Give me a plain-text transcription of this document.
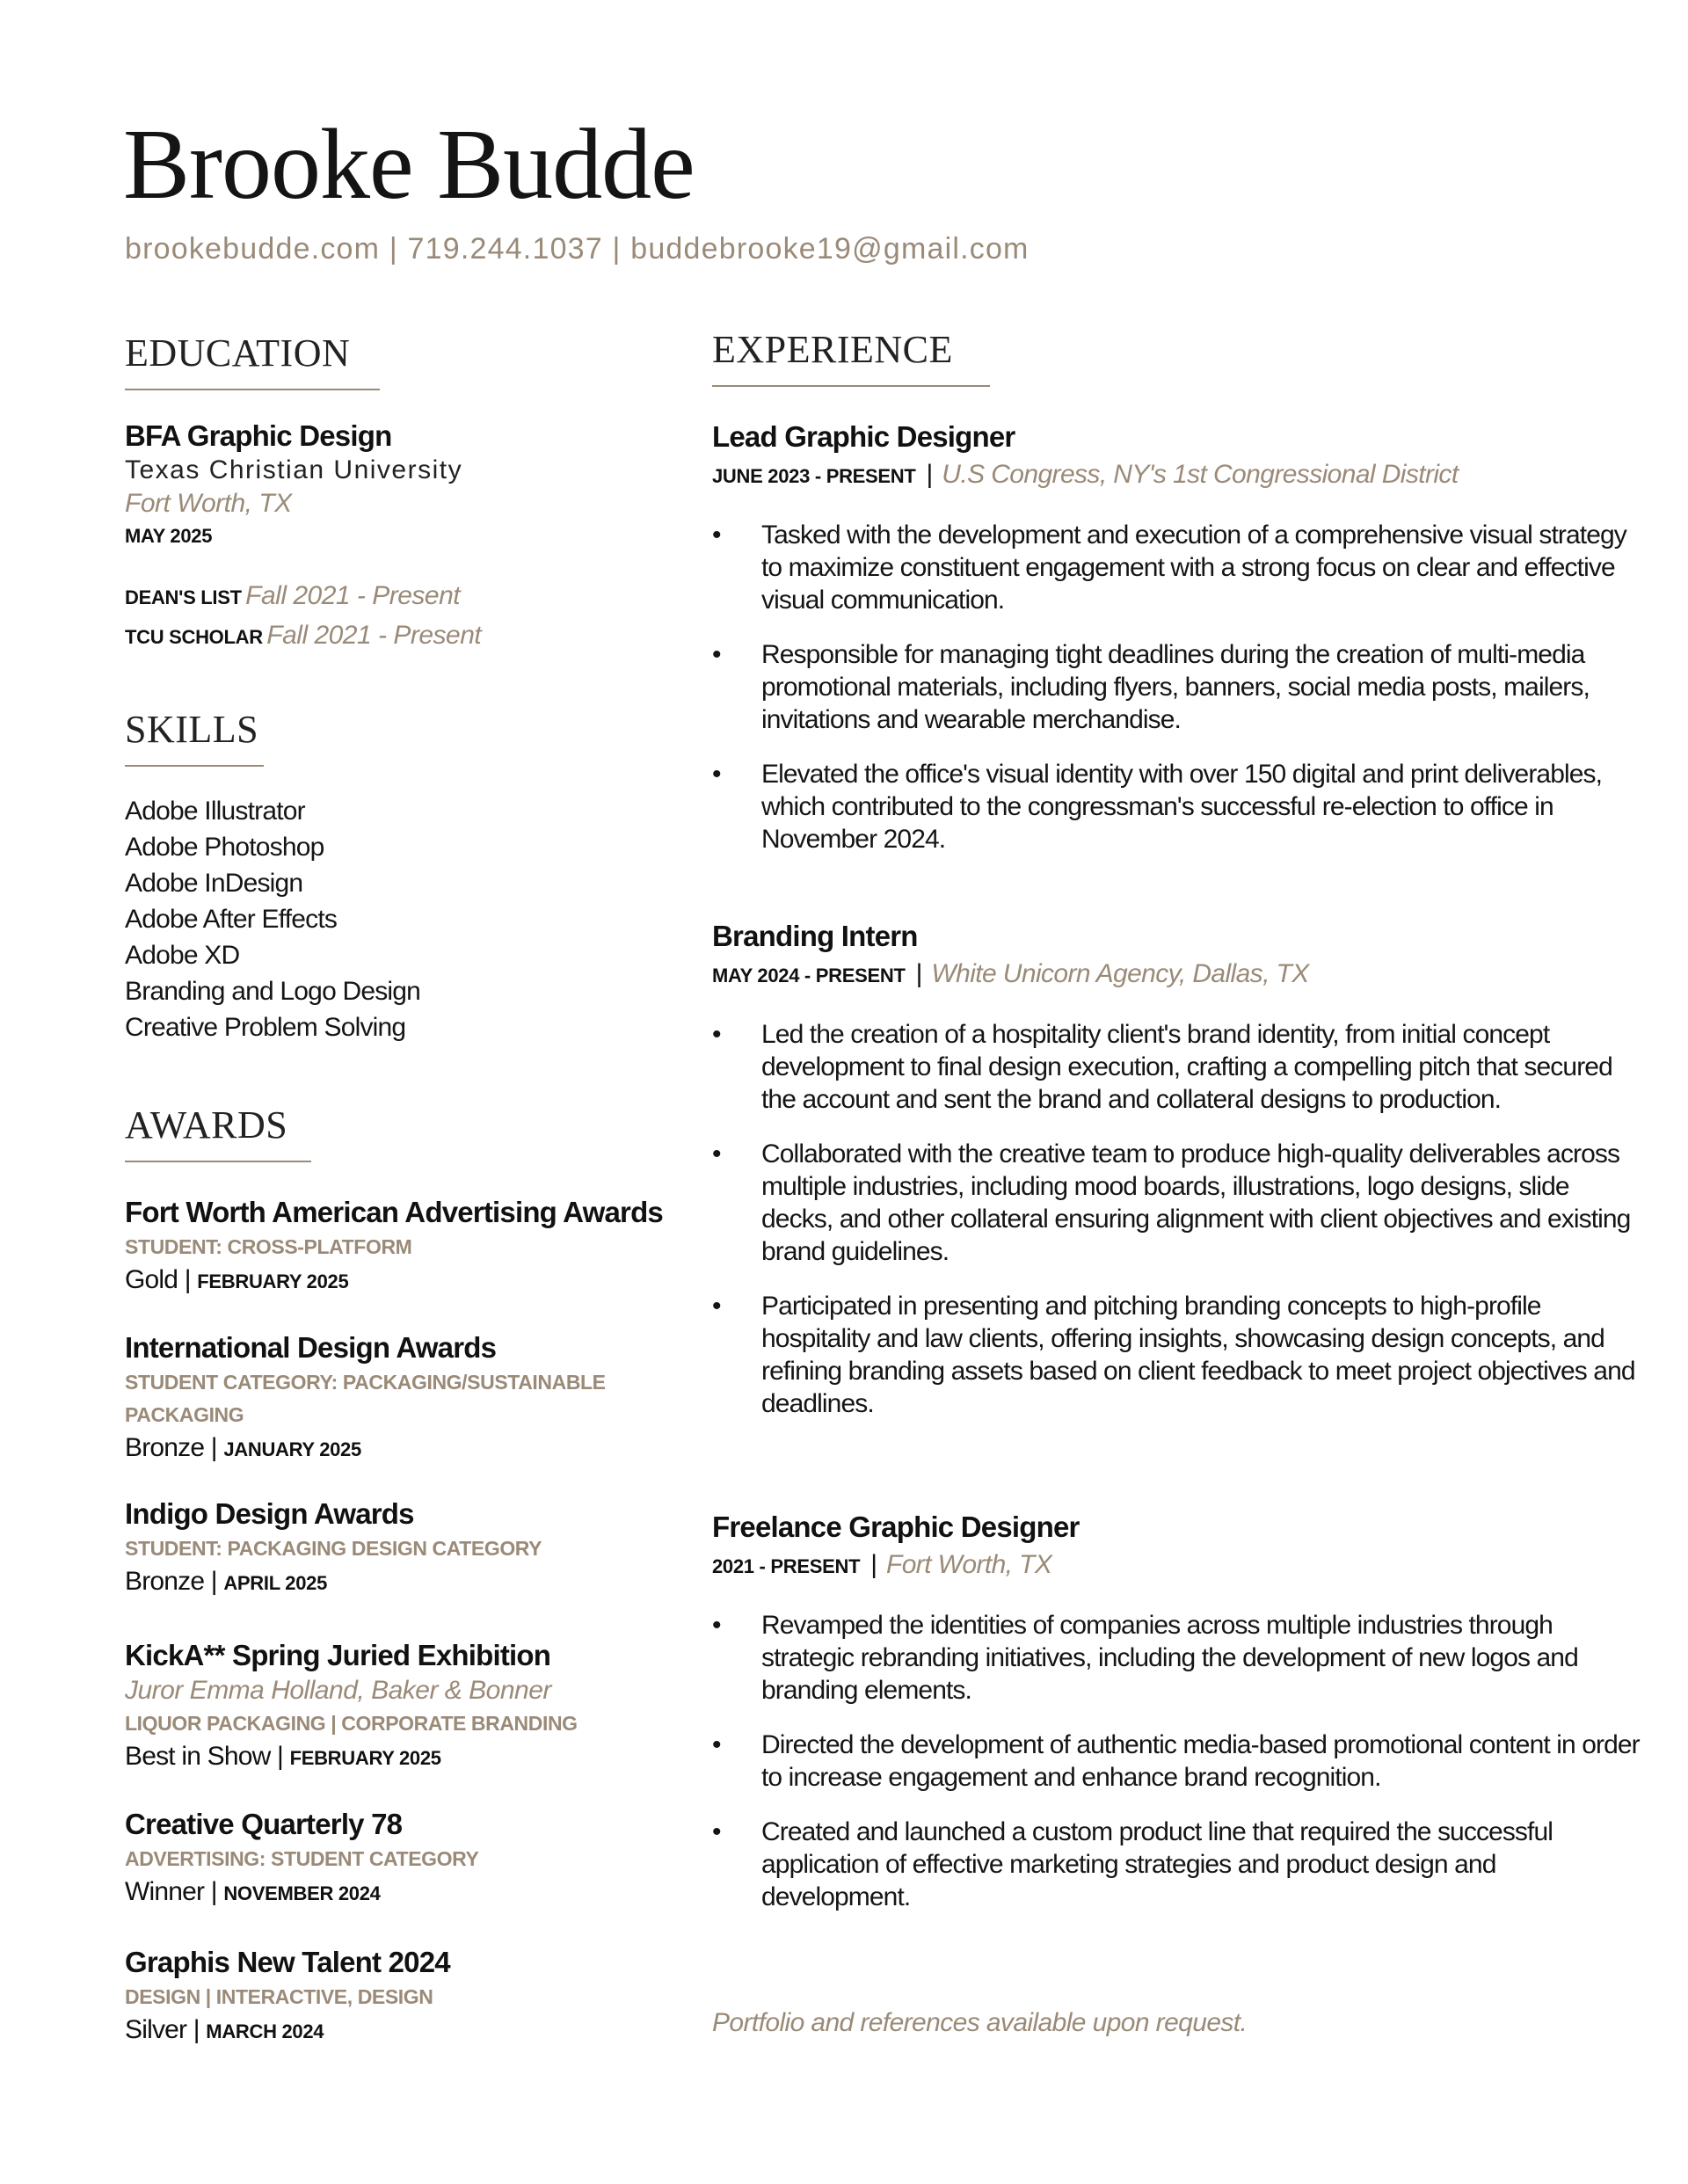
Brooke Budde
brookebudde.com | 719.244.1037 | buddebrooke19@gmail.com
EDUCATION
BFA Graphic Design
Texas Christian University
Fort Worth, TX
MAY 2025
DEAN'S LIST Fall 2021 - Present
TCU SCHOLAR Fall 2021 - Present
SKILLS
Adobe Illustrator
Adobe Photoshop
Adobe InDesign
Adobe After Effects
Adobe XD
Branding and Logo Design
Creative Problem Solving
AWARDS
Fort Worth American Advertising Awards
STUDENT: CROSS-PLATFORM
Gold | FEBRUARY 2025
International Design Awards
STUDENT CATEGORY: PACKAGING/SUSTAINABLE PACKAGING
Bronze | JANUARY 2025
Indigo Design Awards
STUDENT: PACKAGING DESIGN CATEGORY
Bronze | APRIL 2025
KickA** Spring Juried Exhibition
Juror Emma Holland, Baker & Bonner
LIQUOR PACKAGING | CORPORATE BRANDING
Best in Show | FEBRUARY 2025
Creative Quarterly 78
ADVERTISING: STUDENT CATEGORY
Winner | NOVEMBER 2024
Graphis New Talent 2024
DESIGN | INTERACTIVE, DESIGN
Silver | MARCH 2024
EXPERIENCE
Lead Graphic Designer
JUNE 2023 - PRESENT | U.S Congress, NY's 1st Congressional District
• Tasked with the development and execution of a comprehensive visual strategy to maximize constituent engagement with a strong focus on clear and effective visual communication.
• Responsible for managing tight deadlines during the creation of multi-media promotional materials, including flyers, banners, social media posts, mailers, invitations and wearable merchandise.
• Elevated the office's visual identity with over 150 digital and print deliverables, which contributed to the congressman's successful re-election to office in November 2024.
Branding Intern
MAY 2024 - PRESENT | White Unicorn Agency, Dallas, TX
• Led the creation of a hospitality client's brand identity, from initial concept development to final design execution, crafting a compelling pitch that secured the account and sent the brand and collateral designs to production.
• Collaborated with the creative team to produce high-quality deliverables across multiple industries, including mood boards, illustrations, logo designs, slide decks, and other collateral ensuring alignment with client objectives and existing brand guidelines.
• Participated in presenting and pitching branding concepts to high-profile hospitality and law clients, offering insights, showcasing design concepts, and refining branding assets based on client feedback to meet project objectives and deadlines.
Freelance Graphic Designer
2021 - PRESENT | Fort Worth, TX
• Revamped the identities of companies across multiple industries through strategic rebranding initiatives, including the development of new logos and branding elements.
• Directed the development of authentic media-based promotional content in order to increase engagement and enhance brand recognition.
• Created and launched a custom product line that required the successful application of effective marketing strategies and product design and development.
Portfolio and references available upon request.
